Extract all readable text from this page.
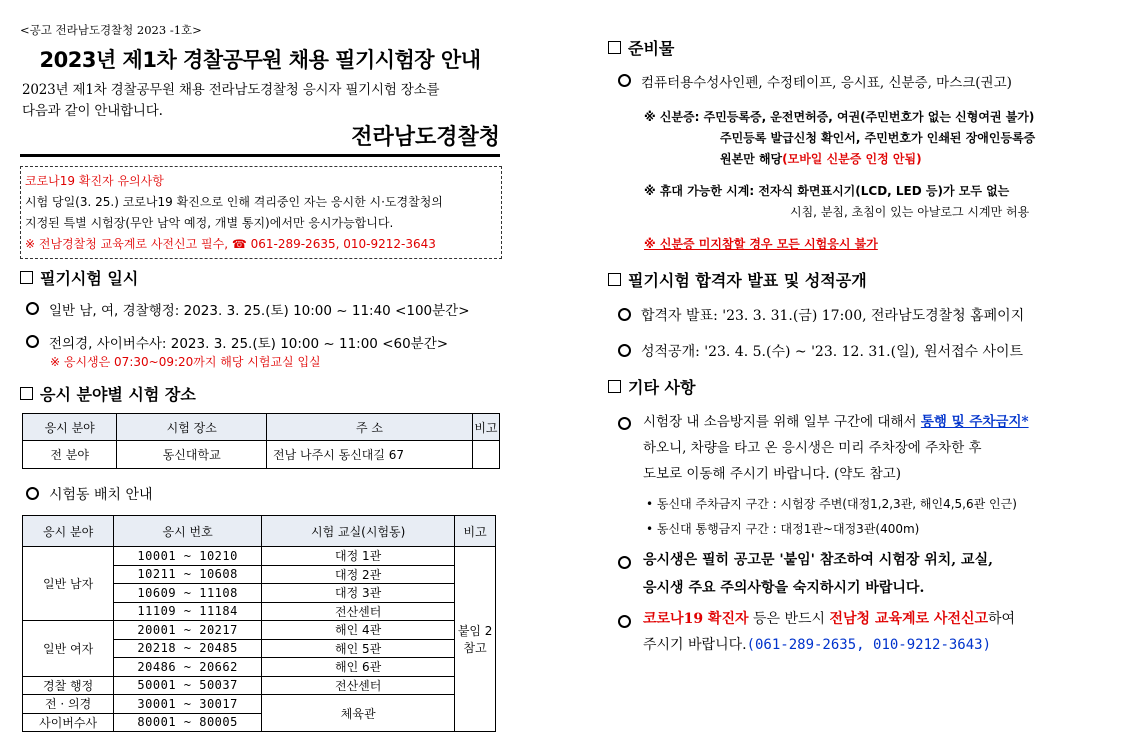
<공고 전라남도경찰청 2023 -1호>
2023년 제1차 경찰공무원 채용 필기시험장 안내
2023년 제1차 경찰공무원 채용 전라남도경찰청 응시자 필기시험 장소를
다음과 같이 안내합니다.
전라남도경찰청
코로나19 확진자 유의사항
시험 당일(3. 25.) 코로나19 확진으로 인해 격리중인 자는 응시한 시·도경찰청의
지정된 특별 시험장(무안 남악 예정, 개별 통지)에서만 응시가능합니다.
※ 전남경찰청 교육계로 사전신고 필수, ☎ 061-289-2635, 010-9212-3643
필기시험 일시
일반 남, 여, 경찰행정: 2023. 3. 25.(토) 10:00 ~ 11:40 <100분간>
전의경, 사이버수사: 2023. 3. 25.(토) 10:00 ~ 11:00 <60분간>
※ 응시생은 07:30~09:20까지 해당 시험교실 입실
응시 분야별 시험 장소
응시 분야	시험 장소	주 소	비고
전 분야	동신대학교	전남 나주시 동신대길 67	
시험동 배치 안내
응시 분야	응시 번호	시험 교실(시험동)	비고
일반 남자	10001 ~ 10210	대정 1관	붙임 2
참고

	10211 ~ 10608	대정 2관	
	10609 ~ 11108	대정 3관	
	11109 ~ 11184	전산센터	
일반 여자	20001 ~ 20217	해인 4관	
	20218 ~ 20485	해인 5관	
	20486 ~ 20662	해인 6관	
경찰 행정	50001 ~ 50037	전산센터	
전 · 의경	30001 ~ 30017	체육관	
사이버수사	80001 ~ 80005		
준비물
컴퓨터용수성사인펜, 수정테이프, 응시표, 신분증, 마스크(권고)
※ 신분증: 주민등록증, 운전면허증, 여권(주민번호가 없는 신형여권 불가)
주민등록 발급신청 확인서, 주민번호가 인쇄된 장애인등록증
원본만 해당(모바일 신분증 인정 안됨)
※ 휴대 가능한 시계: 전자식 화면표시기(LCD, LED 등)가 모두 없는
시침, 분침, 초침이 있는 아날로그 시계만 허용
※ 신분증 미지참할 경우 모든 시험응시 불가
필기시험 합격자 발표 및 성적공개
합격자 발표: '23. 3. 31.(금) 17:00, 전라남도경찰청 홈페이지
성적공개: '23. 4. 5.(수) ~ '23. 12. 31.(일), 원서접수 사이트
기타 사항
시험장 내 소음방지를 위해 일부 구간에 대해서 통행 및 주차금지*
하오니, 차량을 타고 온 응시생은 미리 주차장에 주차한 후
도보로 이동해 주시기 바랍니다. (약도 참고)
• 동신대 주차금지 구간 : 시험장 주변(대정1,2,3관, 해인4,5,6관 인근)
• 동신대 통행금지 구간 : 대정1관~대정3관(400m)
응시생은 필히 공고문 '붙임' 참조하여 시험장 위치, 교실,
응시생 주요 주의사항을 숙지하시기 바랍니다.
코로나19 확진자 등은 반드시 전남청 교육계로 사전신고하여
주시기 바랍니다.(061-289-2635, 010-9212-3643)
